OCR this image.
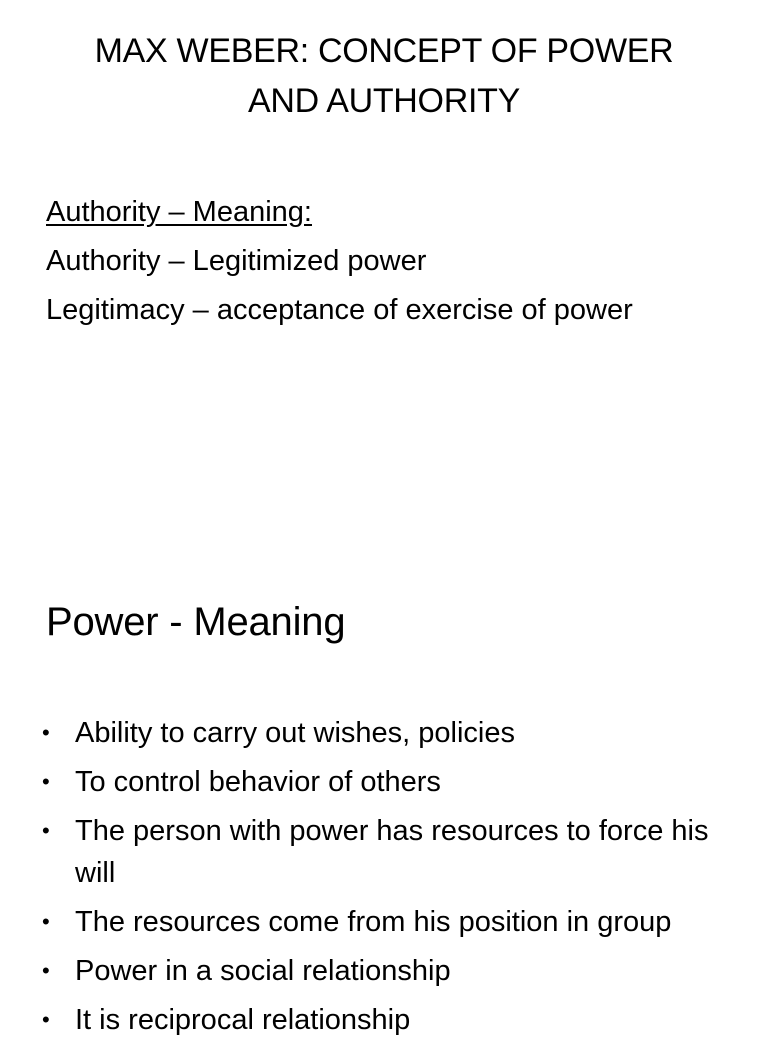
MAX WEBER: CONCEPT OF POWER
AND AUTHORITY
Authority – Meaning:
Authority – Legitimized power
Legitimacy – acceptance of exercise of power
Power - Meaning
• Ability to carry out wishes, policies
• To control behavior of others
• The person with power has resources to force his will
• The resources come from his position in group
• Power in a social relationship
• It is reciprocal relationship
